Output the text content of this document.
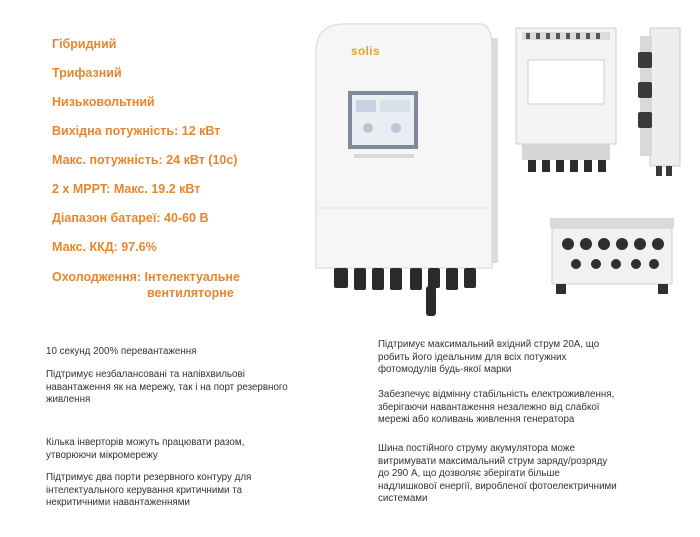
Гібридний
Трифазний
Низьковольтний
Вихідна потужність: 12 кВт
Макс. потужність: 24 кВт (10с)
2 х MPPT: Макс. 19.2 кВт
Діапазон батареї: 40-60 В
Макс. ККД: 97.6%
Охолодження: Інтелектуальне
вентиляторне
solis
10 секунд 200% перевантаження
Підтримує незбалансовані та напівхвильові
навантаження як на мережу, так і на порт резервного
живлення
Кілька інверторів можуть працювати разом,
утворюючи мікромережу
Підтримує два порти резервного контуру для
інтелектуального керування критичними та
некритичними навантаженнями
Підтримує максимальний вхідний струм 20А, що
робить його ідеальним для всіх потужних
фотомодулів будь-якої марки
Забезпечує відмінну стабільність електроживлення,
зберігаючи навантаження незалежно від слабкої
мережі або коливань живлення генератора
Шина постійного струму акумулятора може
витримувати максимальний струм заряду/розряду
до 290 А, що дозволяє зберігати більше
надлишкової енергії, виробленої фотоелектричними
системами
